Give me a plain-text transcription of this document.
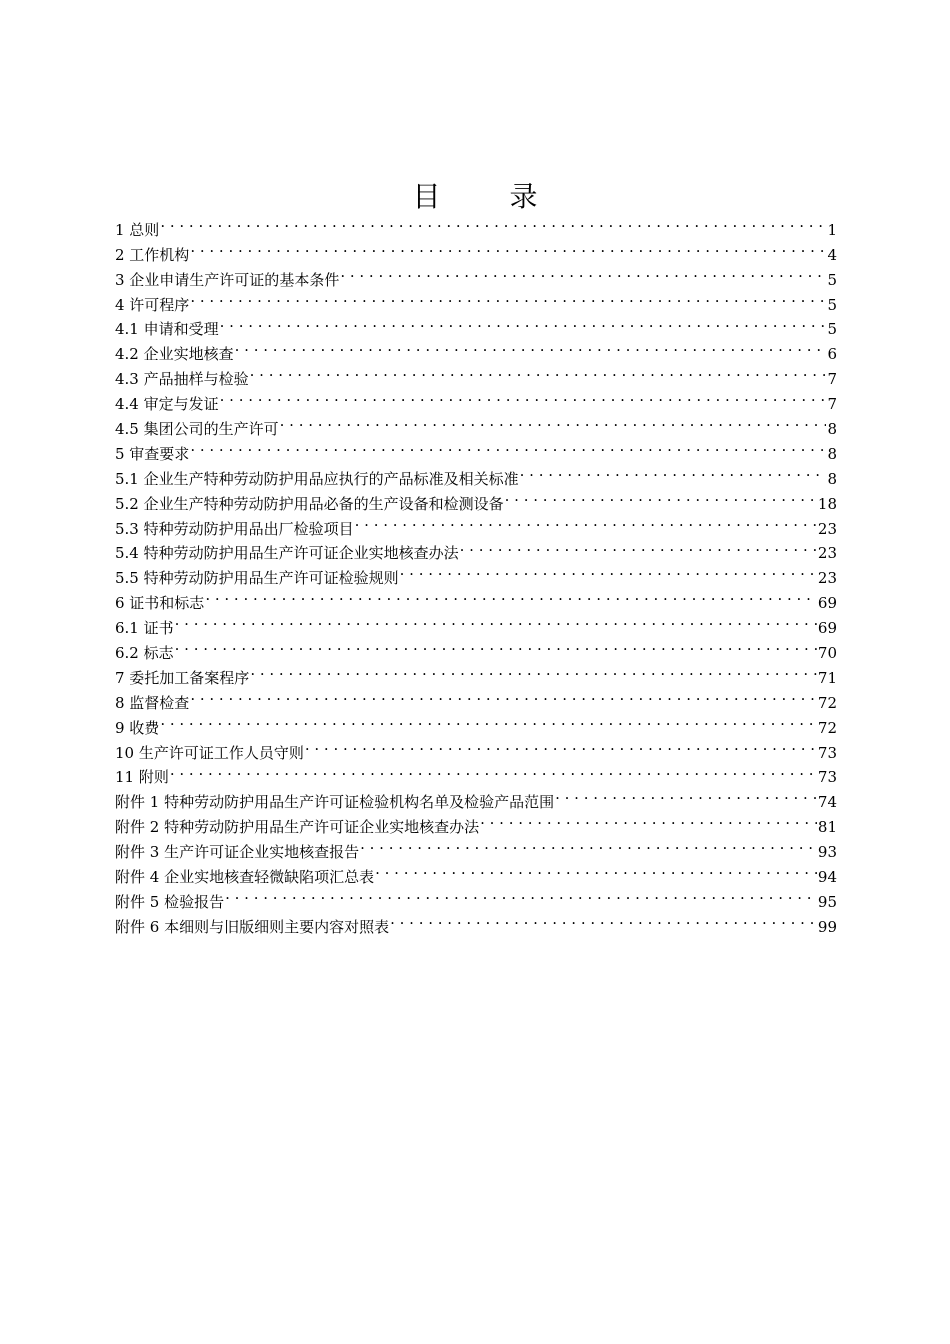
目 录
1 总则 . . .	1
2 工作机构 . . .	4
3 企业申请生产许可证的基本条件 . . .	5
4 许可程序 . . .	5
4.1 申请和受理 . . .	5
4.2 企业实地核查 . . .	6
4.3 产品抽样与检验 . . .	7
4.4 审定与发证 . . .	7
4.5 集团公司的生产许可 . . .	8
5 审查要求 . . .	8
5.1 企业生产特种劳动防护用品应执行的产品标准及相关标准 . . .	8
5.2 企业生产特种劳动防护用品必备的生产设备和检测设备 . . .	18
5.3 特种劳动防护用品出厂检验项目 . . .	23
5.4 特种劳动防护用品生产许可证企业实地核查办法 . . .	23
5.5 特种劳动防护用品生产许可证检验规则 . . .	23
6 证书和标志 . . .	69
6.1 证书 . . .	69
6.2 标志 . . .	70
7 委托加工备案程序 . . .	71
8 监督检查 . . .	72
9 收费 . . .	72
10 生产许可证工作人员守则 . . .	73
11 附则 . . .	73
附件 1 特种劳动防护用品生产许可证检验机构名单及检验产品范围 . . .	74
附件 2 特种劳动防护用品生产许可证企业实地核查办法 . . .	81
附件 3 生产许可证企业实地核查报告 . . .	93
附件 4 企业实地核查轻微缺陷项汇总表 . . .	94
附件 5 检验报告 . . .	95
附件 6 本细则与旧版细则主要内容对照表 . . .	99
